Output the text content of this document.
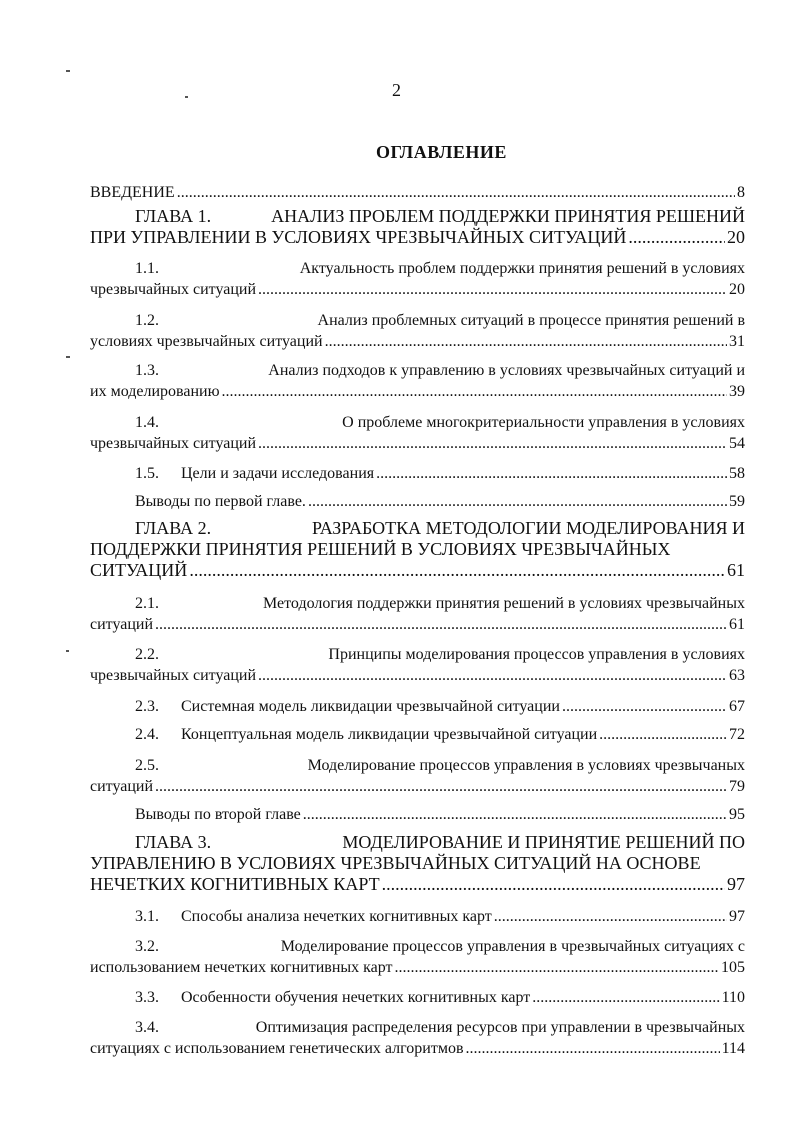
2
ОГЛАВЛЕНИЕ
ВВЕДЕНИЕ .....	8
ГЛАВА 1.	АНАЛИЗ ПРОБЛЕМ ПОДДЕРЖКИ ПРИНЯТИЯ РЕШЕНИЙ
ПРИ УПРАВЛЕНИИ В УСЛОВИЯХ ЧРЕЗВЫЧАЙНЫХ СИТУАЦИЙ .....	20
1.1.	Актуальность проблем поддержки принятия решений в условиях
чрезвычайных ситуаций .....	20
1.2.	Анализ проблемных ситуаций в процессе принятия решений в
условиях чрезвычайных ситуаций .....	31
1.3.	Анализ подходов к управлению в условиях чрезвычайных ситуаций и
их моделированию .....	39
1.4.	О проблеме многокритериальности управления в условиях
чрезвычайных ситуаций .....	54
1.5.	Цели и задачи исследования .....	58
Выводы по первой главе. .....	59
ГЛАВА 2.	РАЗРАБОТКА МЕТОДОЛОГИИ МОДЕЛИРОВАНИЯ И
ПОДДЕРЖКИ ПРИНЯТИЯ РЕШЕНИЙ В УСЛОВИЯХ ЧРЕЗВЫЧАЙНЫХ
СИТУАЦИЙ .....	61
2.1.	Методология поддержки принятия решений в условиях чрезвычайных
ситуаций .....	61
2.2.	Принципы моделирования процессов управления в условиях
чрезвычайных ситуаций .....	63
2.3.	Системная модель ликвидации чрезвычайной ситуации .....	67
2.4.	Концептуальная модель ликвидации чрезвычайной ситуации .....	72
2.5.	Моделирование процессов управления в условиях чрезвычаных
ситуаций .....	79
Выводы по второй главе .....	95
ГЛАВА 3.	МОДЕЛИРОВАНИЕ И ПРИНЯТИЕ РЕШЕНИЙ ПО
УПРАВЛЕНИЮ В УСЛОВИЯХ ЧРЕЗВЫЧАЙНЫХ СИТУАЦИЙ НА ОСНОВЕ
НЕЧЕТКИХ КОГНИТИВНЫХ КАРТ .....	97
3.1.	Способы анализа нечетких когнитивных карт .....	97
3.2.	Моделирование процессов управления в чрезвычайных ситуациях с
использованием нечетких когнитивных карт .....	105
3.3.	Особенности обучения нечетких когнитивных карт .....	110
3.4.	Оптимизация распределения ресурсов при управлении в чрезвычайных
ситуациях с использованием генетических алгоритмов .....	114
